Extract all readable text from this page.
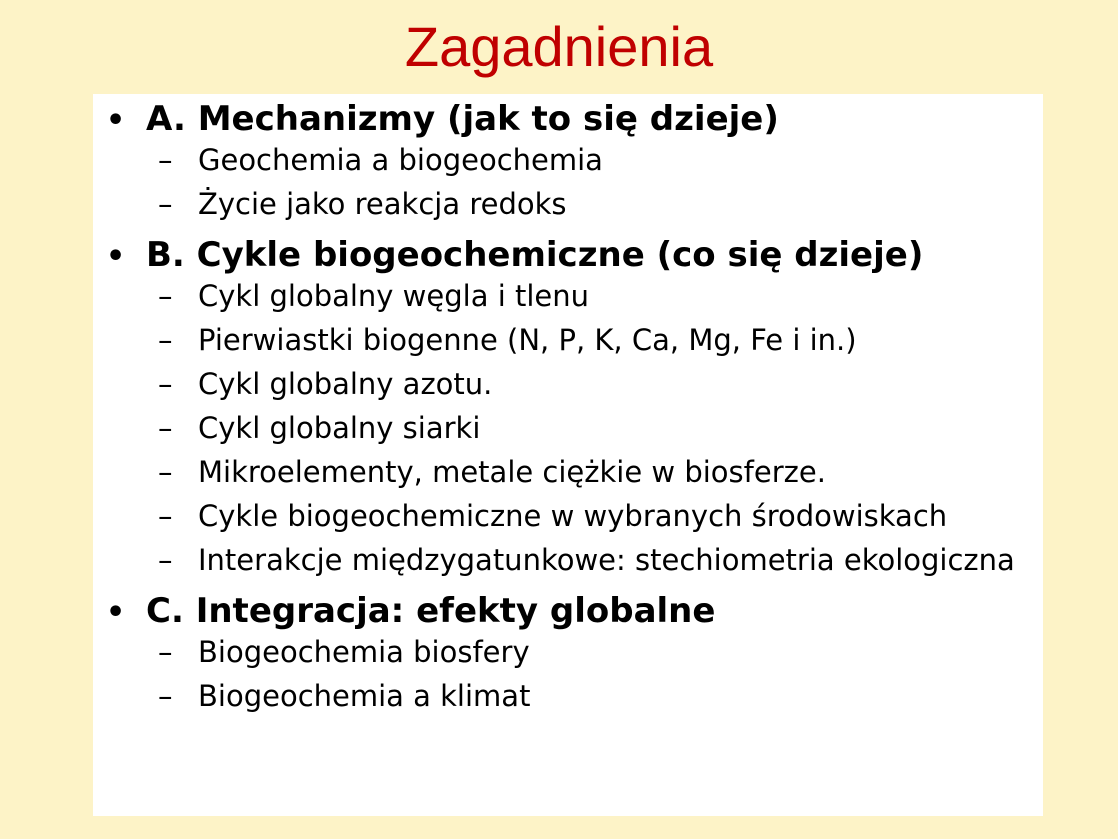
Zagadnienia
• A. Mechanizmy (jak to się dzieje)
– Geochemia a biogeochemia
– Życie jako reakcja redoks
• B. Cykle biogeochemiczne (co się dzieje)
– Cykl globalny węgla i tlenu
– Pierwiastki biogenne (N, P, K, Ca, Mg, Fe i in.)
– Cykl globalny azotu.
– Cykl globalny siarki
– Mikroelementy, metale ciężkie w biosferze.
– Cykle biogeochemiczne w wybranych środowiskach
– Interakcje międzygatunkowe: stechiometria ekologiczna
• C. Integracja: efekty globalne
– Biogeochemia biosfery
– Biogeochemia a klimat
